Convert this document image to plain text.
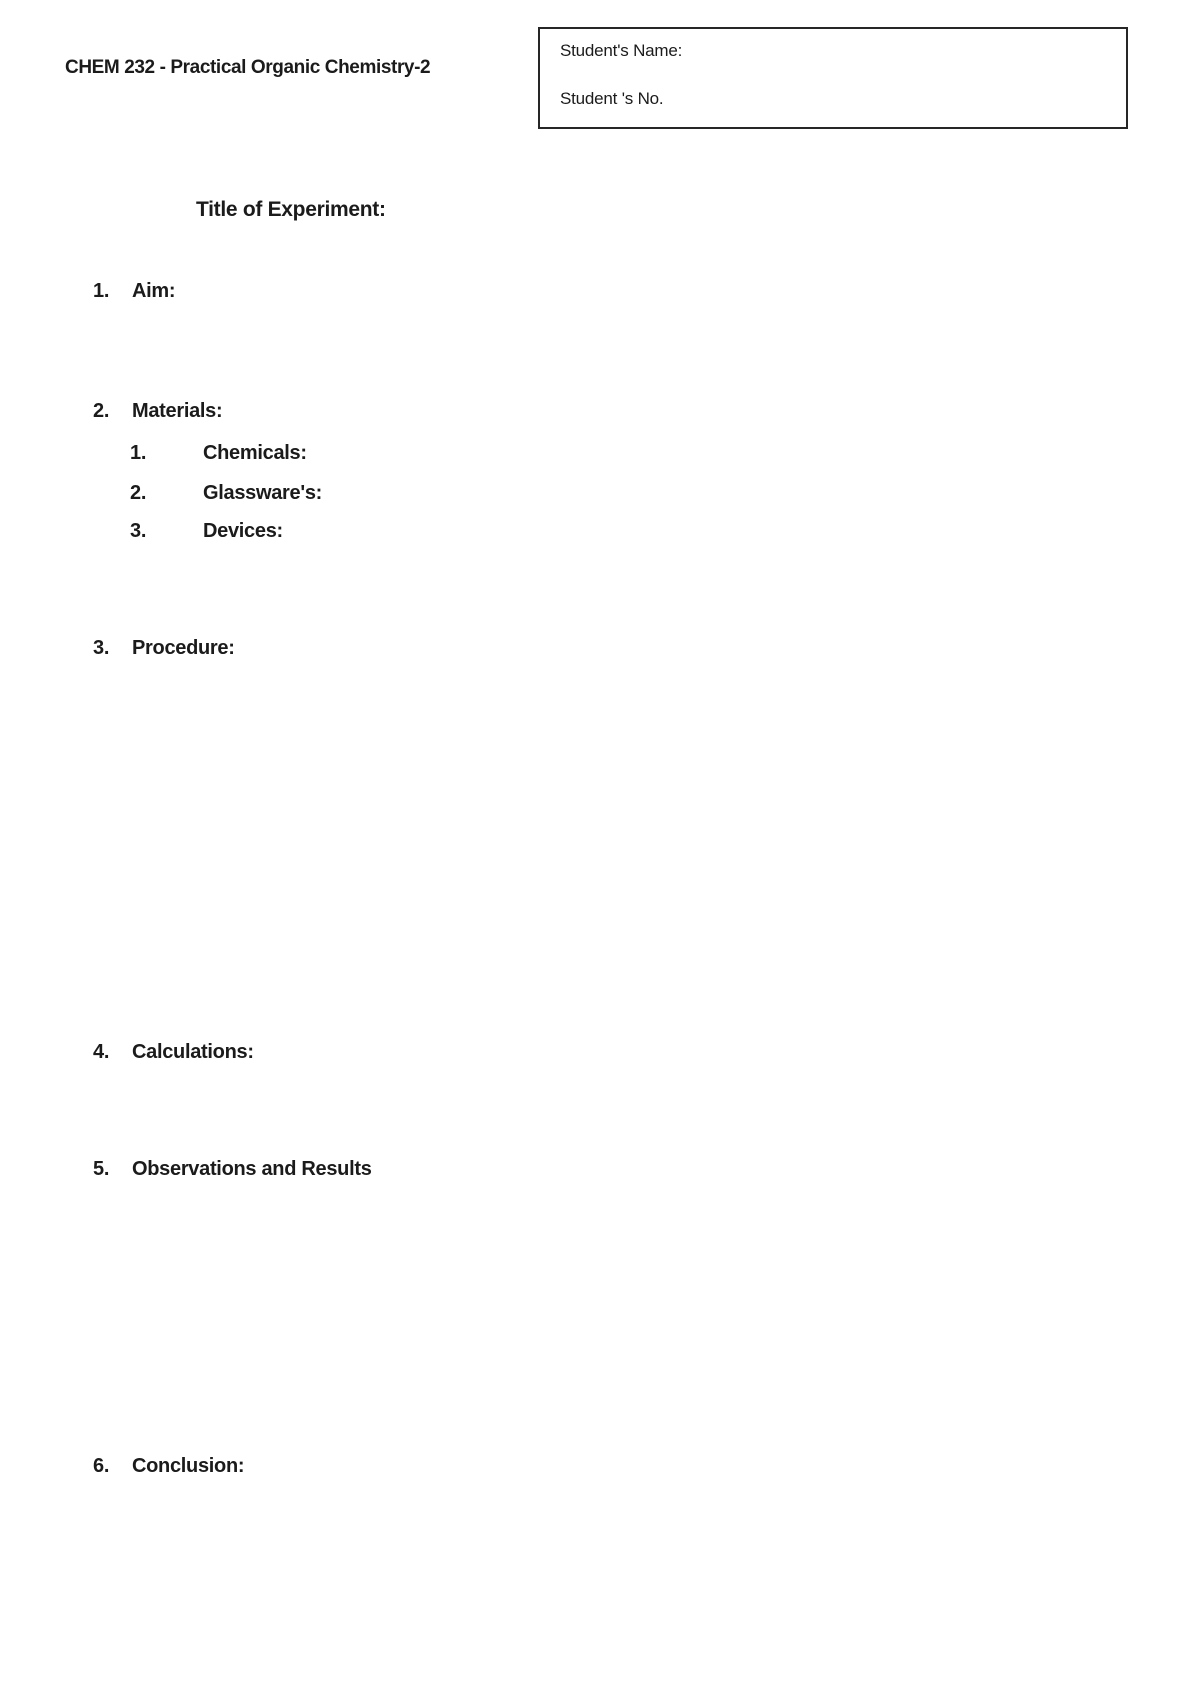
CHEM 232 - Practical Organic Chemistry-2
Student's Name:
Student 's No.
Title of Experiment:
1.	Aim:
2.	Materials:
1.	Chemicals:
2.	Glassware's:
3.	Devices:
3.	Procedure:
4.	Calculations:
5.	Observations and Results
6.	Conclusion:
